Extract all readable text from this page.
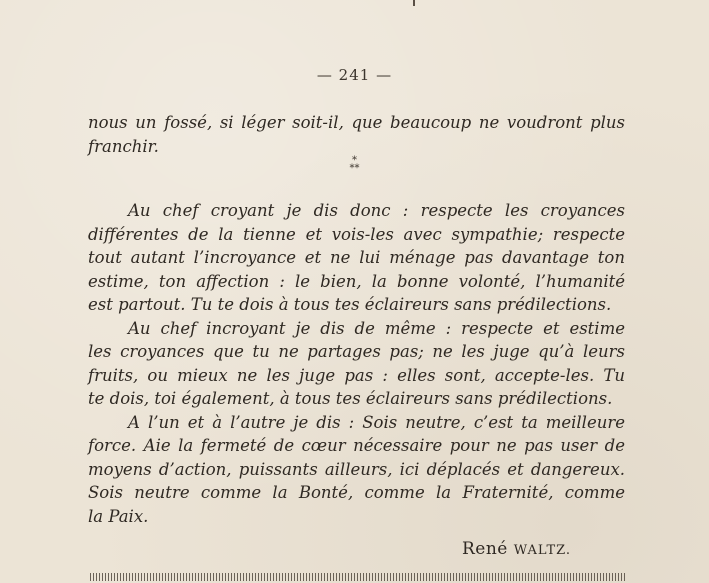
— 241 —
nous un fossé, si léger soit-il, que beaucoup ne voudront plus
franchir.
*
**
Au chef croyant je dis donc : respecte les croyances
différentes de la tienne et vois-les avec sympathie; respecte
tout autant l’incroyance et ne lui ménage pas davantage ton
estime, ton affection : le bien, la bonne volonté, l’humanité
est partout. Tu te dois à tous tes éclaireurs sans prédilections.
Au chef incroyant je dis de même : respecte et estime
les croyances que tu ne partages pas; ne les juge qu’à leurs
fruits, ou mieux ne les juge pas : elles sont, accepte-les. Tu
te dois, toi également, à tous tes éclaireurs sans prédilections.
A l’un et à l’autre je dis : Sois neutre, c’est ta meilleure
force. Aie la fermeté de cœur nécessaire pour ne pas user de
moyens d’action, puissants ailleurs, ici déplacés et dangereux.
Sois neutre comme la Bonté, comme la Fraternité, comme
la Paix.
René WALTZ.
